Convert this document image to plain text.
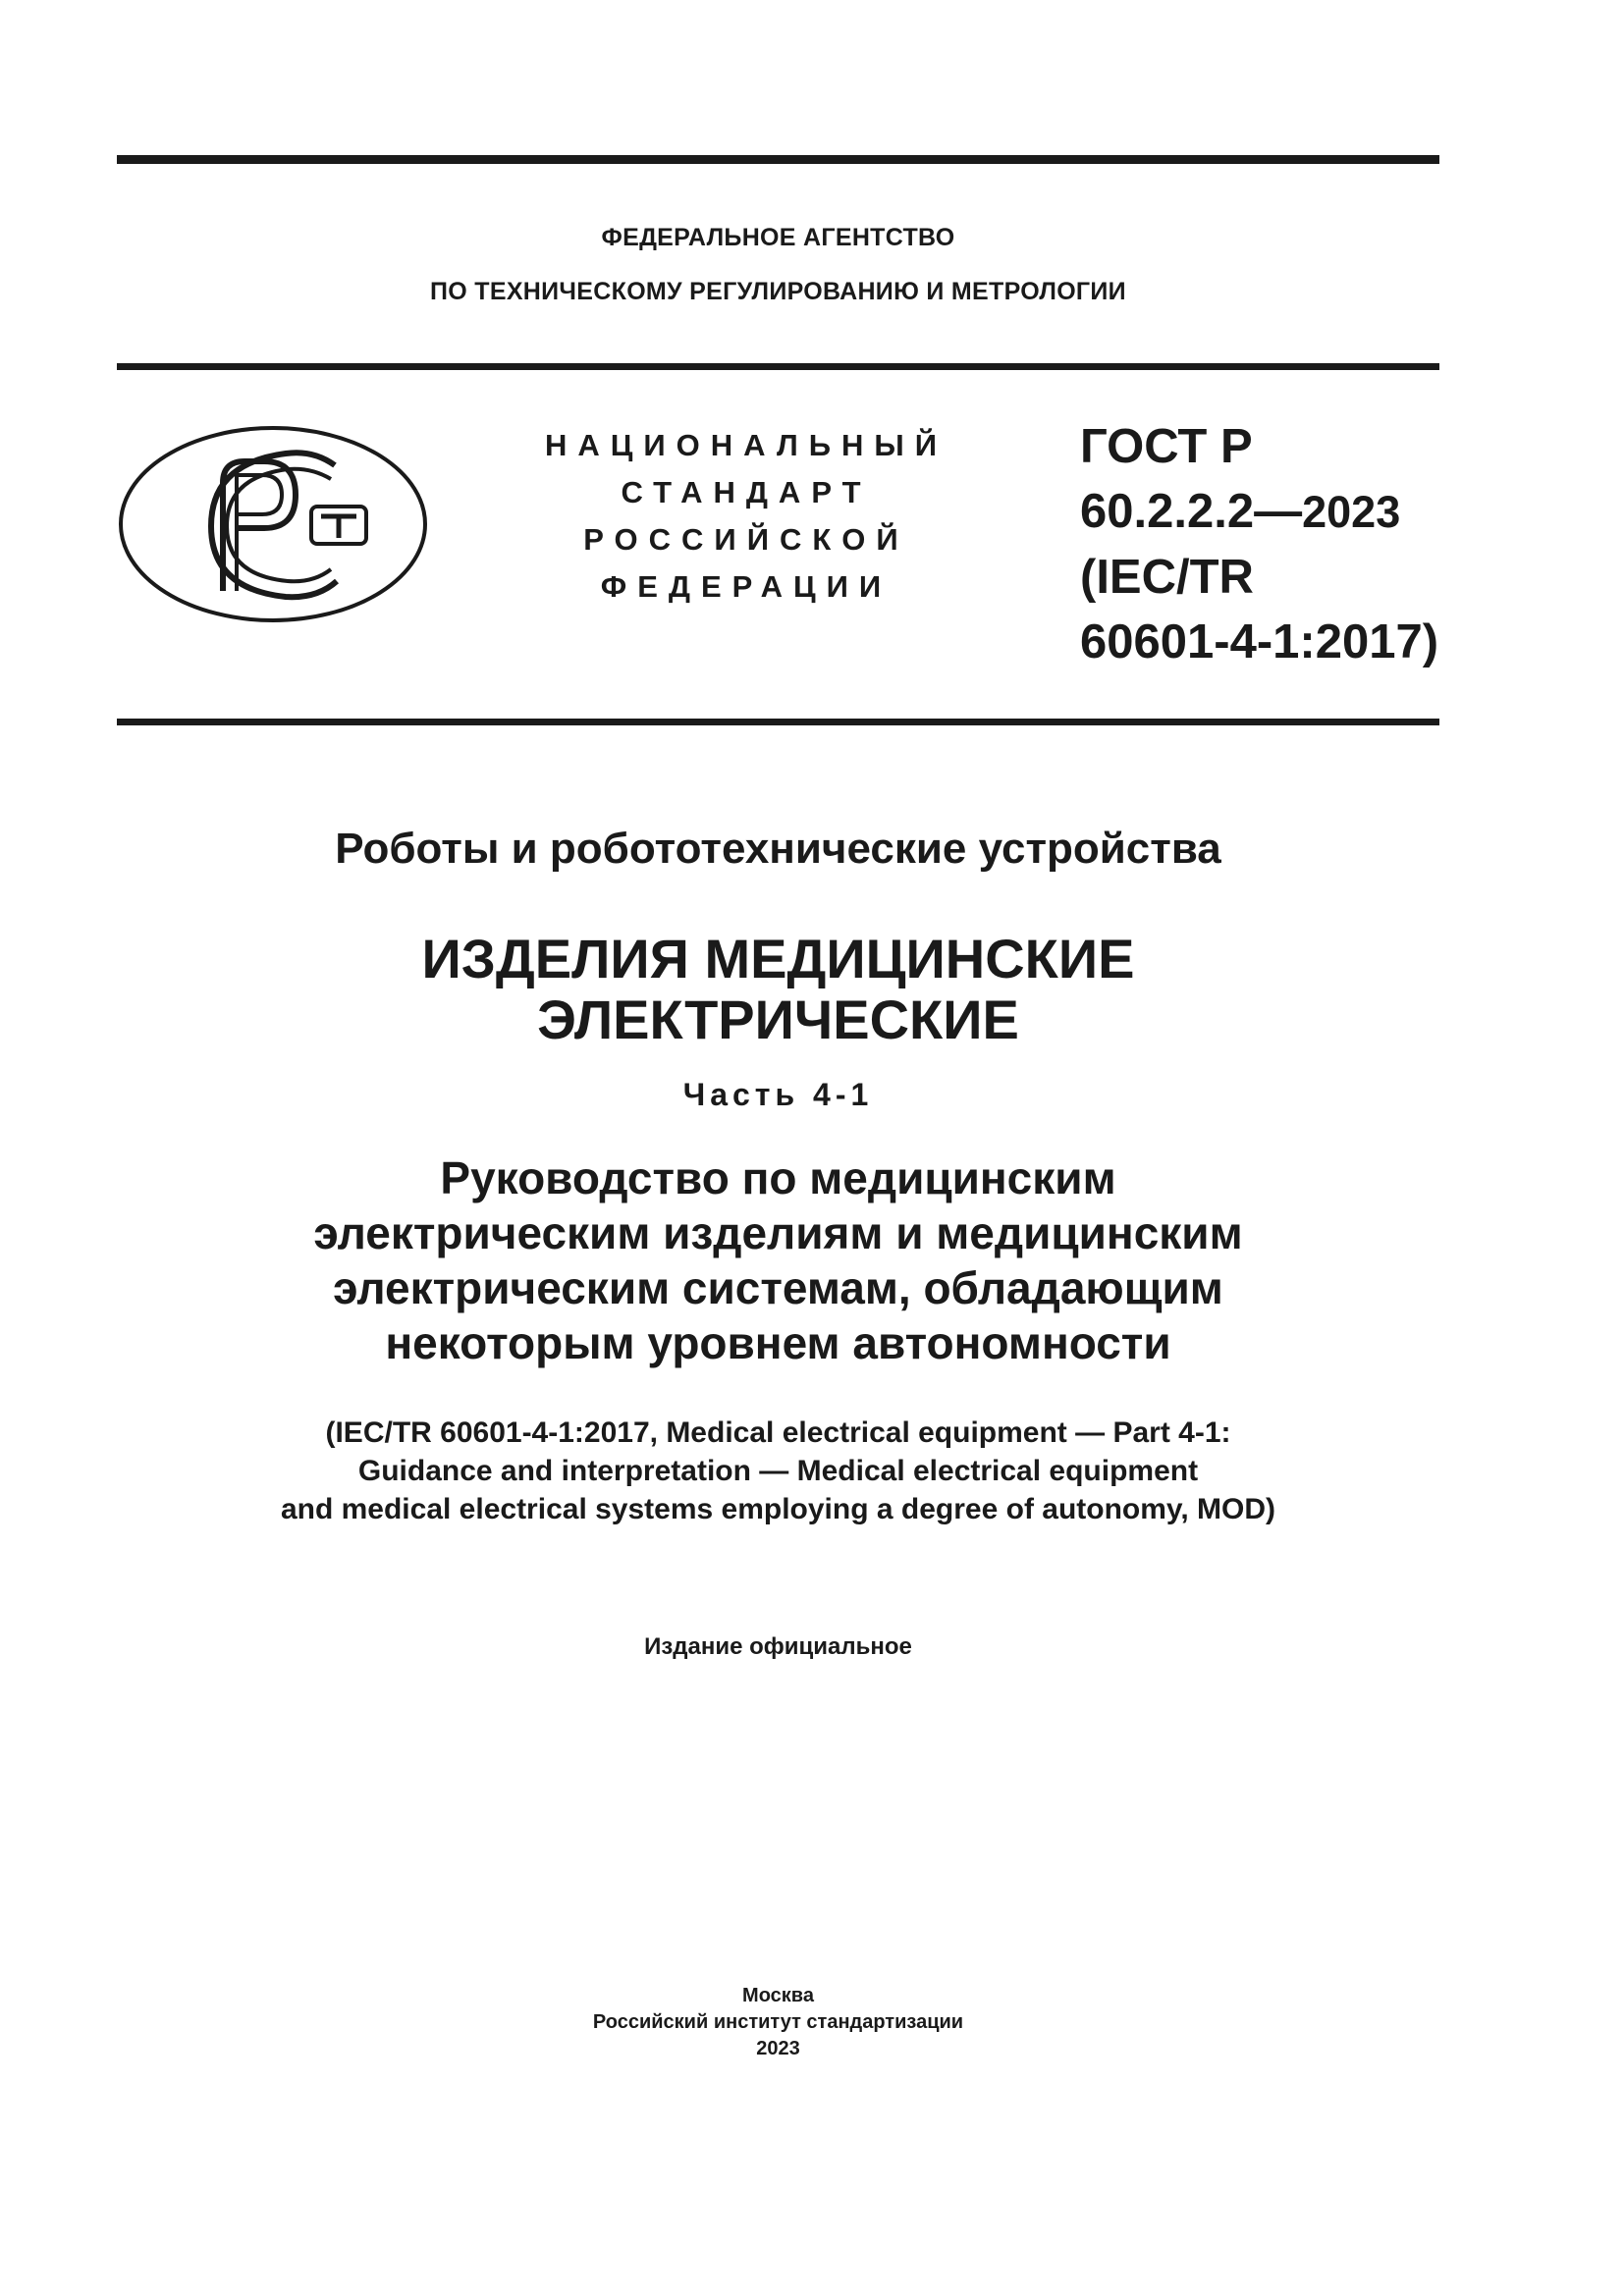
ФЕДЕРАЛЬНОЕ АГЕНТСТВО
ПО ТЕХНИЧЕСКОМУ РЕГУЛИРОВАНИЮ И МЕТРОЛОГИИ
НАЦИОНАЛЬНЫЙ
СТАНДАРТ
РОССИЙСКОЙ
ФЕДЕРАЦИИ
ГОСТ Р
60.2.2.2—2023
(IEC/TR
60601-4-1:2017)
Роботы и робототехнические устройства
ИЗДЕЛИЯ МЕДИЦИНСКИЕ
ЭЛЕКТРИЧЕСКИЕ
Часть 4-1
Руководство по медицинским
электрическим изделиям и медицинским
электрическим системам, обладающим
некоторым уровнем автономности
(IEC/TR 60601-4-1:2017, Medical electrical equipment — Part 4-1:
Guidance and interpretation — Medical electrical equipment
and medical electrical systems employing a degree of autonomy, MOD)
Издание официальное
Москва
Российский институт стандартизации
2023
